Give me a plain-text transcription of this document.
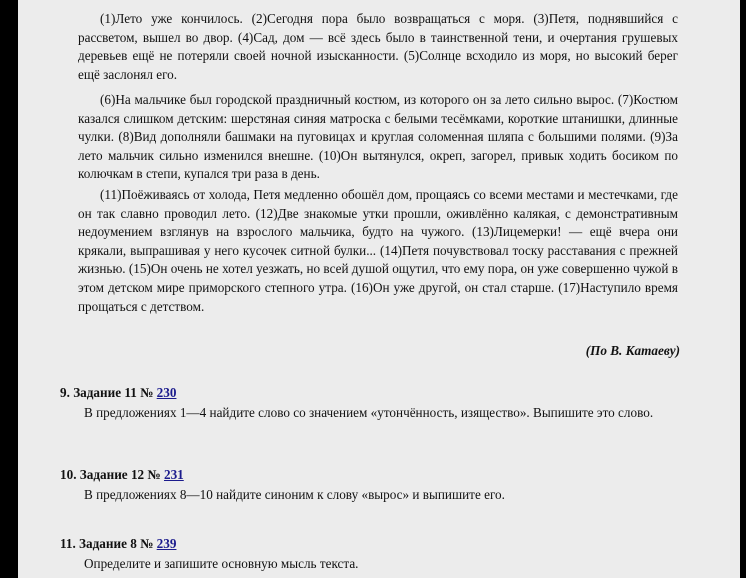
(1)Лето уже кончилось. (2)Сегодня пора было возвращаться с моря. (3)Петя, поднявшийся с рассветом, вышел во двор. (4)Сад, дом — всё здесь было в таинственной тени, и очертания грушевых деревьев ещё не потеряли своей ночной изысканности. (5)Солнце всходило из моря, но высокий берег ещё заслонял его.

(6)На мальчике был городской праздничный костюм, из которого он за лето сильно вырос. (7)Костюм казался слишком детским: шерстяная синяя матроска с белыми тесёмками, короткие штанишки, длинные чулки. (8)Вид дополняли башмаки на пуговицах и круглая соломенная шляпа с большими полями. (9)За лето мальчик сильно изменился внешне. (10)Он вытянулся, окреп, загорел, привык ходить босиком по колючкам в степи, купался три раза в день.

(11)Поёживаясь от холода, Петя медленно обошёл дом, прощаясь со всеми местами и местечками, где он так славно проводил лето. (12)Две знакомые утки прошли, оживлённо калякая, с демонстративным недоумением взглянув на взрослого мальчика, будто на чужого. (13)Лицемерки! — ещё вчера они крякали, выпрашивая у него кусочек ситной булки... (14)Петя почувствовал тоску расставания с прежней жизнью. (15)Он очень не хотел уезжать, но всей душой ощутил, что ему пора, он уже совершенно чужой в этом детском мире приморского степного утра. (16)Он уже другой, он стал старше. (17)Наступило время прощаться с детством.

(По В. Катаеву)

9. Задание 11 № 230

В предложениях 1—4 найдите слово со значением «утончённость, изящество». Выпишите это слово.

10. Задание 12 № 231

В предложениях 8—10 найдите синоним к слову «вырос» и выпишите его.

11. Задание 8 № 239

Определите и запишите основную мысль текста.
